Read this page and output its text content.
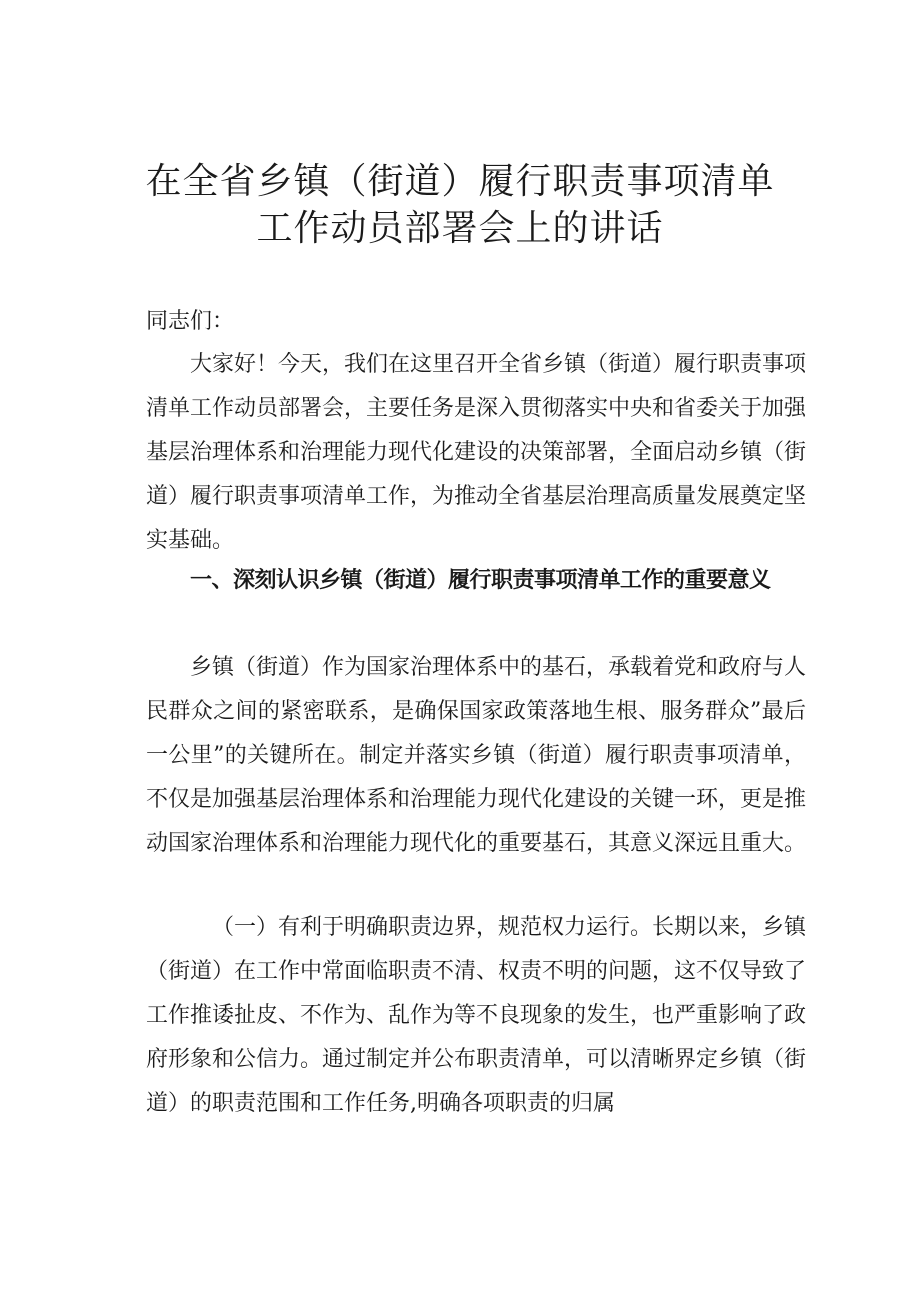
在全省乡镇（街道）履行职责事项清单
工作动员部署会上的讲话

同志们：

大家好！今天，我们在这里召开全省乡镇（街道）履行职责事项清单工作动员部署会，主要任务是深入贯彻落实中央和省委关于加强基层治理体系和治理能力现代化建设的决策部署，全面启动乡镇（街道）履行职责事项清单工作，为推动全省基层治理高质量发展奠定坚实基础。

一、深刻认识乡镇（街道）履行职责事项清单工作的重要意义

乡镇（街道）作为国家治理体系中的基石，承载着党和政府与人民群众之间的紧密联系，是确保国家政策落地生根、服务群众”最后一公里”的关键所在。制定并落实乡镇（街道）履行职责事项清单，不仅是加强基层治理体系和治理能力现代化建设的关键一环，更是推动国家治理体系和治理能力现代化的重要基石，其意义深远且重大。

（一）有利于明确职责边界，规范权力运行。长期以来，乡镇（街道）在工作中常面临职责不清、权责不明的问题，这不仅导致了工作推诿扯皮、不作为、乱作为等不良现象的发生，也严重影响了政府形象和公信力。通过制定并公布职责清单，可以清晰界定乡镇（街道）的职责范围和工作任务,明确各项职责的归属
